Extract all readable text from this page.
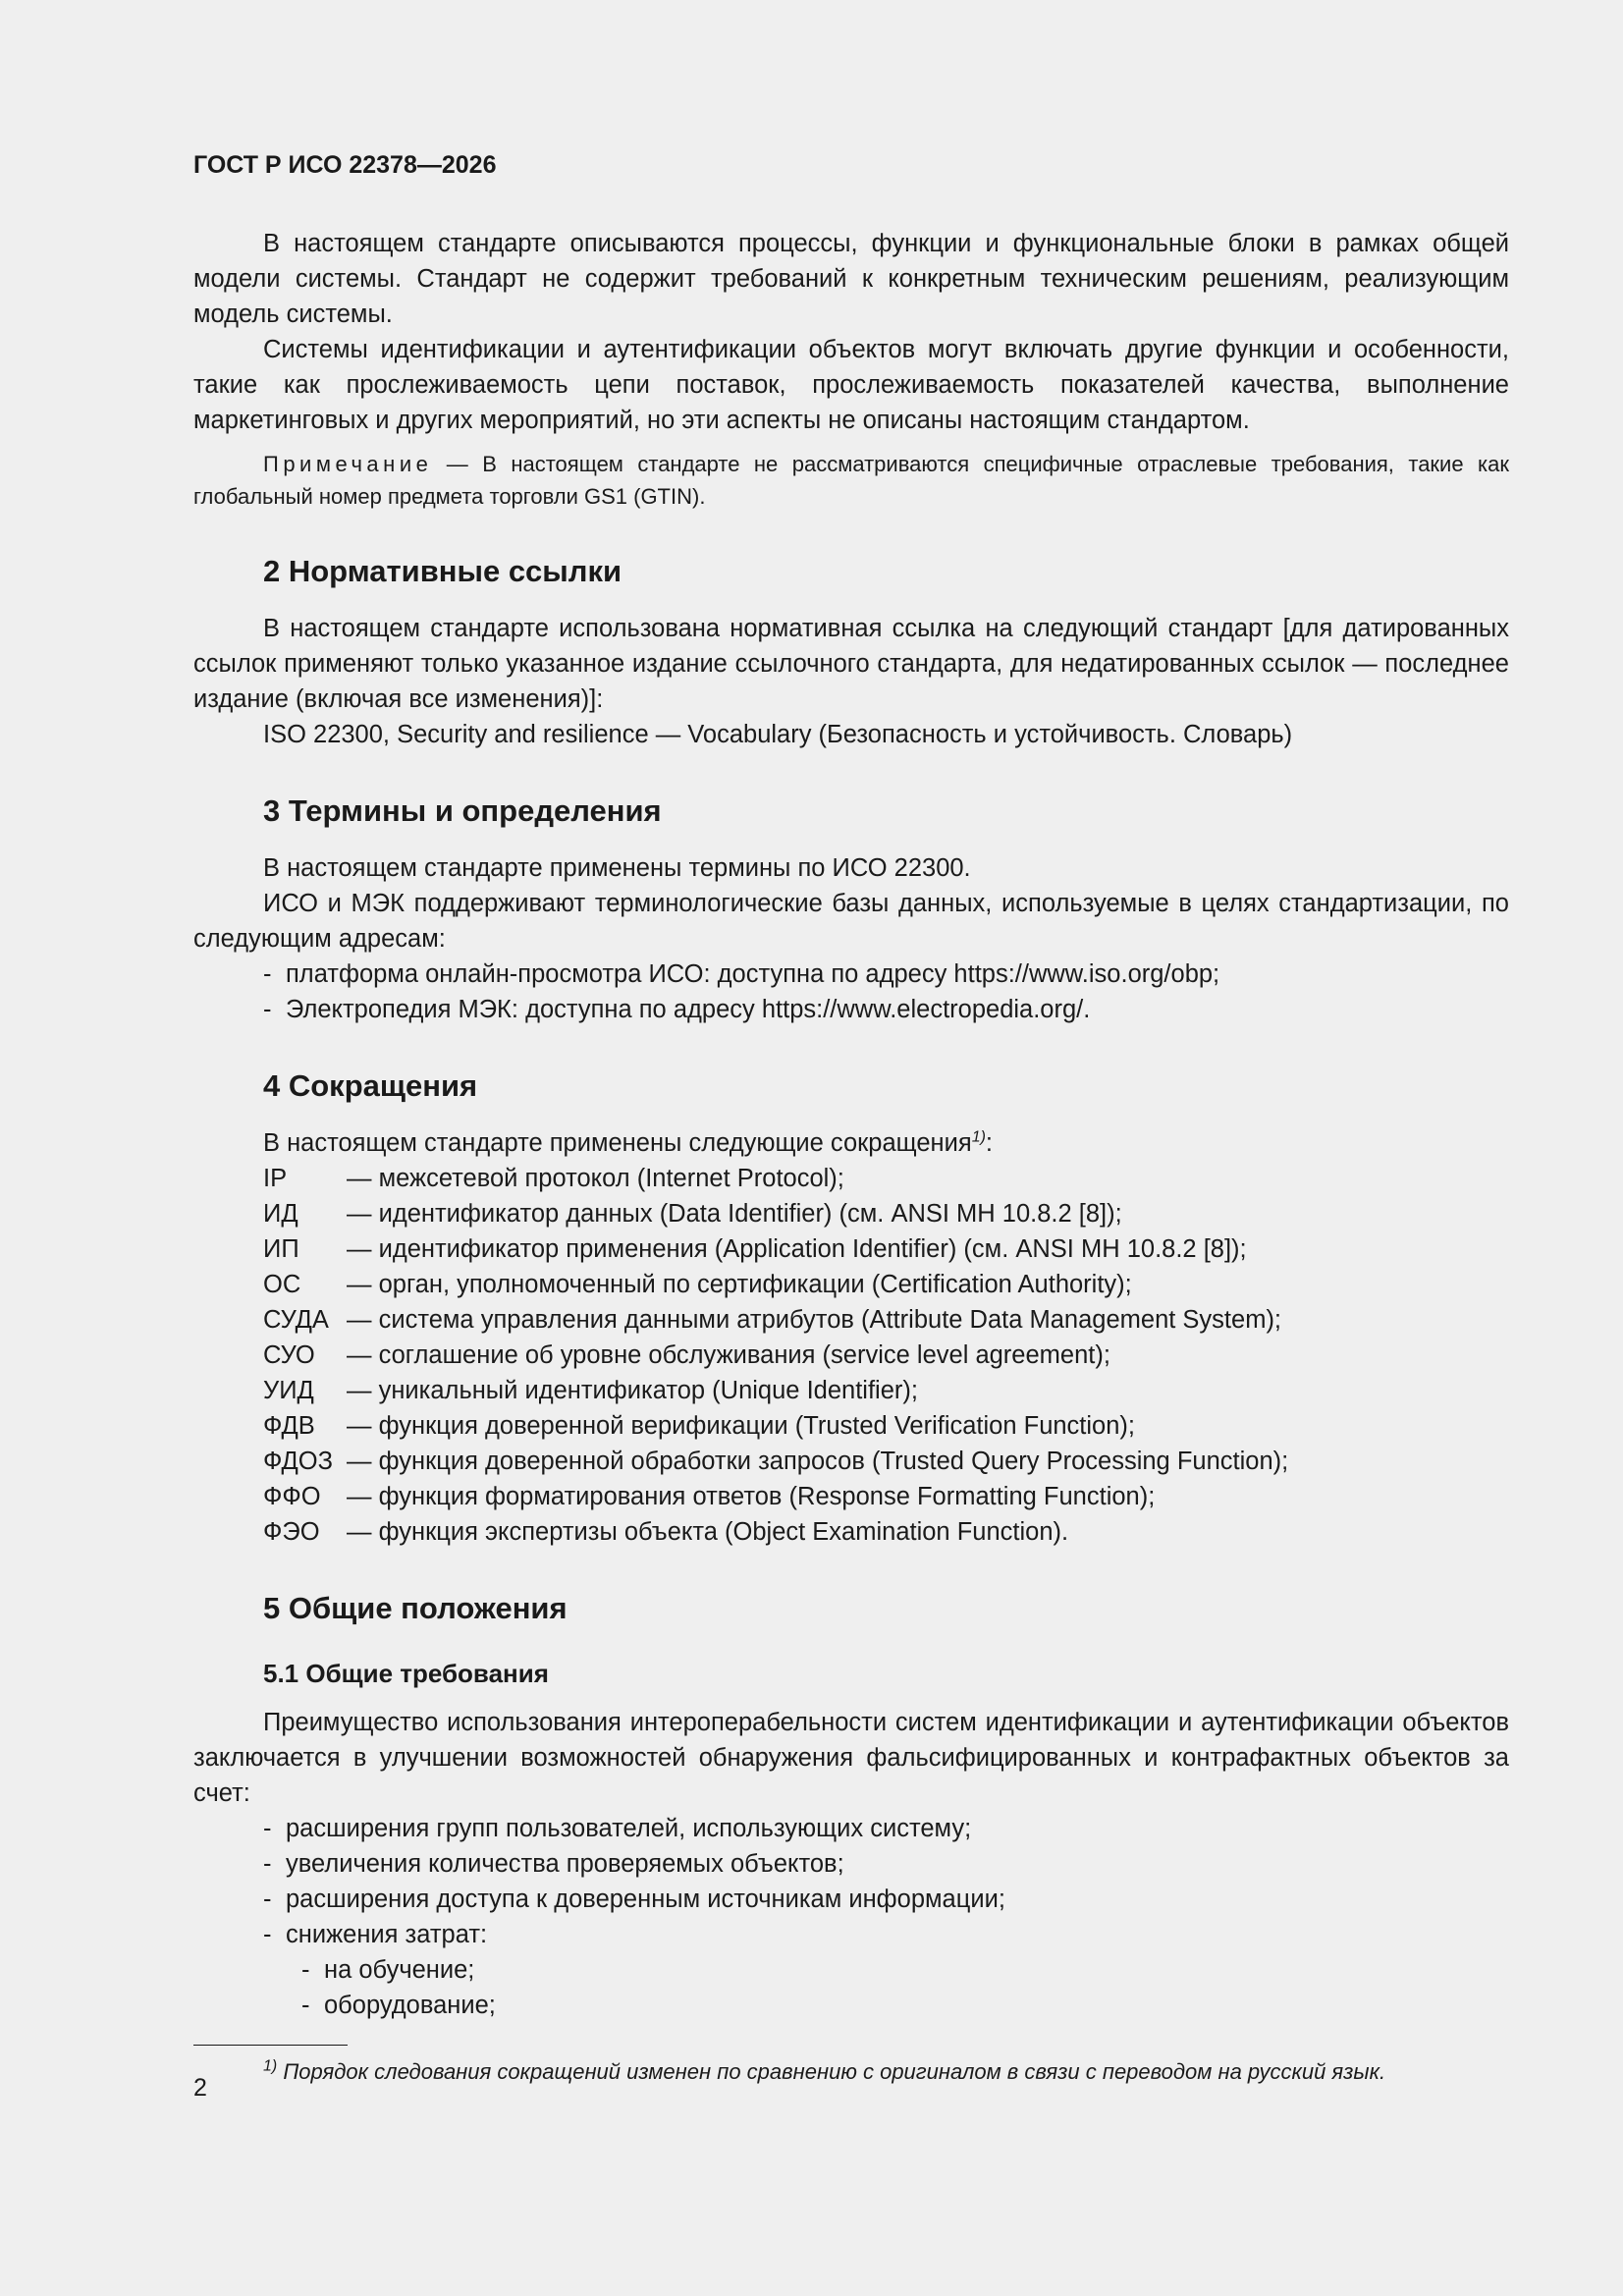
ГОСТ Р ИСО 22378—2026

В настоящем стандарте описываются процессы, функции и функциональные блоки в рамках общей модели системы. Стандарт не содержит требований к конкретным техническим решениям, реализующим модель системы.

Системы идентификации и аутентификации объектов могут включать другие функции и особенности, такие как прослеживаемость цепи поставок, прослеживаемость показателей качества, выполнение маркетинговых и других мероприятий, но эти аспекты не описаны настоящим стандартом.

Примечание — В настоящем стандарте не рассматриваются специфичные отраслевые требования, такие как глобальный номер предмета торговли GS1 (GTIN).
2 Нормативные ссылки

В настоящем стандарте использована нормативная ссылка на следующий стандарт [для датированных ссылок применяют только указанное издание ссылочного стандарта, для недатированных ссылок — последнее издание (включая все изменения)]:

ISO 22300, Security and resilience — Vocabulary (Безопасность и устойчивость. Словарь)
3 Термины и определения

В настоящем стандарте применены термины по ИСО 22300.

ИСО и МЭК поддерживают терминологические базы данных, используемые в целях стандартизации, по следующим адресам:

- платформа онлайн-просмотра ИСО: доступна по адресу https://www.iso.org/obp;
- Электропедия МЭК: доступна по адресу https://www.electropedia.org/.
4 Сокращения
В настоящем стандарте применены следующие сокращения$^{1)}$:
IP	— межсетевой протокол (Internet Protocol);
ИД	— идентификатор данных (Data Identifier) (см. ANSI MH 10.8.2 [8]);
ИП	— идентификатор применения (Application Identifier) (см. ANSI MH 10.8.2 [8]);
ОС	— орган, уполномоченный по сертификации (Certification Authority);
СУДА — система управления данными атрибутов (Attribute Data Management System);
СУО	— соглашение об уровне обслуживания (service level agreement);
УИД	— уникальный идентификатор (Unique Identifier);
ФДВ	— функция доверенной верификации (Trusted Verification Function);
ФДОЗ — функция доверенной обработки запросов (Trusted Query Processing Function);
ФФО	— функция форматирования ответов (Response Formatting Function);
ФЭО	— функция экспертизы объекта (Object Examination Function).
5 Общие положения
5.1 Общие требования

Преимущество использования интероперабельности систем идентификации и аутентификации объектов заключается в улучшении возможностей обнаружения фальсифицированных и контрафактных объектов за счет:

- расширения групп пользователей, использующих систему;
- увеличения количества проверяемых объектов;
- расширения доступа к доверенным источникам информации;
- снижения затрат:
- на обучение;
- оборудование;
$^{1)}$ Порядок следования сокращений изменен по сравнению с оригиналом в связи с переводом на русский язык.
2
